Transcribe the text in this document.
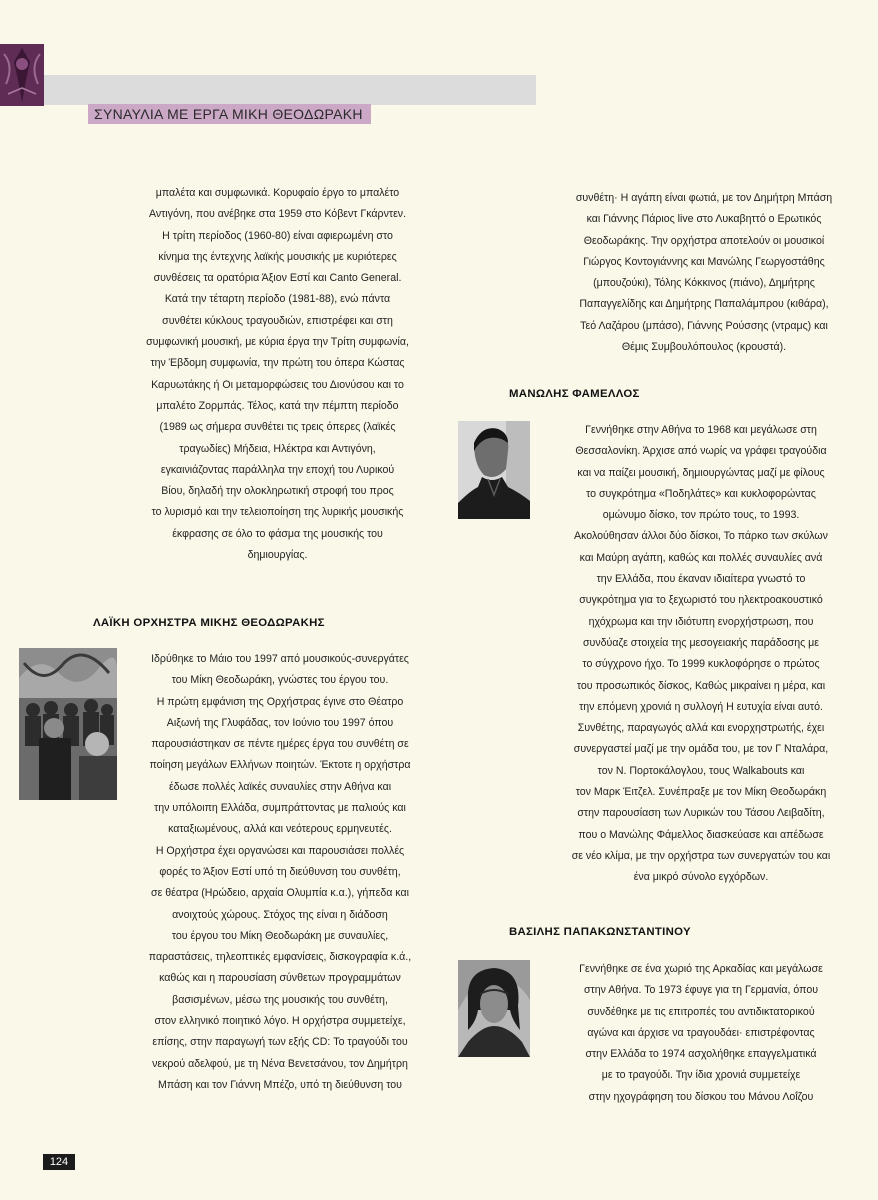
ΣΥΝΑΥΛΙΑ ΜΕ ΕΡΓΑ ΜΙΚΗ ΘΕΟΔΩΡΑΚΗ
μπαλέτα και συμφωνικά. Κορυφαίο έργο το μπαλέτο
Αντιγόνη, που ανέβηκε στα 1959 στο Κόβεντ Γκάρντεν.
Η τρίτη περίοδος (1960-80) είναι αφιερωμένη στο
κίνημα της έντεχνης λαϊκής μουσικής με κυριότερες
συνθέσεις τα ορατόρια Άξιον Εστί και Canto General.
Κατά την τέταρτη περίοδο (1981-88), ενώ πάντα
συνθέτει κύκλους τραγουδιών, επιστρέφει και στη
συμφωνική μουσική, με κύρια έργα την Τρίτη συμφωνία,
την Έβδομη συμφωνία, την πρώτη του όπερα Κώστας
Καρυωτάκης ή Οι μεταμορφώσεις του Διονύσου και το
μπαλέτο Ζορμπάς. Τέλος, κατά την πέμπτη περίοδο
(1989 ως σήμερα συνθέτει τις τρεις όπερες (λαϊκές
τραγωδίες) Μήδεια, Ηλέκτρα και Αντιγόνη,
εγκαινιάζοντας παράλληλα την εποχή του Λυρικού
Βίου, δηλαδή την ολοκληρωτική στροφή του προς
το λυρισμό και την τελειοποίηση της λυρικής μουσικής
έκφρασης σε όλο το φάσμα της μουσικής του
δημιουργίας.
ΛΑΪΚΗ ΟΡΧΗΣΤΡΑ ΜΙΚΗΣ ΘΕΟΔΩΡΑΚΗΣ
Ιδρύθηκε το Μάιο του 1997 από μουσικούς-συνεργάτες
του Μίκη Θεοδωράκη, γνώστες του έργου του.
Η πρώτη εμφάνιση της Ορχήστρας έγινε στο Θέατρο
Αιξωνή της Γλυφάδας, τον Ιούνιο του 1997 όπου
παρουσιάστηκαν σε πέντε ημέρες έργα του συνθέτη σε
ποίηση μεγάλων Ελλήνων ποιητών. Έκτοτε η ορχήστρα
έδωσε πολλές λαϊκές συναυλίες στην Αθήνα και
την υπόλοιπη Ελλάδα, συμπράττοντας με παλιούς και
καταξιωμένους, αλλά και νεότερους ερμηνευτές.
Η Ορχήστρα έχει οργανώσει και παρουσιάσει πολλές
φορές το Άξιον Εστί υπό τη διεύθυνση του συνθέτη,
σε θέατρα (Ηρώδειο, αρχαία Ολυμπία κ.α.), γήπεδα και
ανοιχτούς χώρους. Στόχος της είναι η διάδοση
του έργου του Μίκη Θεοδωράκη με συναυλίες,
παραστάσεις, τηλεοπτικές εμφανίσεις, δισκογραφία κ.ά.,
καθώς και η παρουσίαση σύνθετων προγραμμάτων
βασισμένων, μέσω της μουσικής του συνθέτη,
στον ελληνικό ποιητικό λόγο. Η ορχήστρα συμμετείχε,
επίσης, στην παραγωγή των εξής CD: Το τραγούδι του
νεκρού αδελφού, με τη Νένα Βενετσάνου, τον Δημήτρη
Μπάση και τον Γιάννη Μπέζο, υπό τη διεύθυνση του
συνθέτη· Η αγάπη είναι φωτιά, με τον Δημήτρη Μπάση
και Γιάννης Πάριος live στο Λυκαβηττό ο Ερωτικός
Θεοδωράκης. Την ορχήστρα αποτελούν οι μουσικοί
Γιώργος Κοντογιάννης και Μανώλης Γεωργοστάθης
(μπουζούκι), Τόλης Κόκκινος (πιάνο), Δημήτρης
Παπαγγελίδης και Δημήτρης Παπαλάμπρου (κιθάρα),
Τεό Λαζάρου (μπάσο), Γιάννης Ρούσσης (ντραμς) και
Θέμις Συμβουλόπουλος (κρουστά).
ΜΑΝΩΛΗΣ ΦΑΜΕΛΛΟΣ
Γεννήθηκε στην Αθήνα το 1968 και μεγάλωσε στη
Θεσσαλονίκη. Άρχισε από νωρίς να γράφει τραγούδια
και να παίζει μουσική, δημιουργώντας μαζί με φίλους
το συγκρότημα «Ποδηλάτες» και κυκλοφορώντας
ομώνυμο δίσκο, τον πρώτο τους, το 1993.
Ακολούθησαν άλλοι δύο δίσκοι, Το πάρκο των σκύλων
και Μαύρη αγάπη, καθώς και πολλές συναυλίες ανά
την Ελλάδα, που έκαναν ιδιαίτερα γνωστό το
συγκρότημα για το ξεχωριστό του ηλεκτροακουστικό
ηχόχρωμα και την ιδιότυπη ενορχήστρωση, που
συνδύαζε στοιχεία της μεσογειακής παράδοσης με
το σύγχρονο ήχο. Το 1999 κυκλοφόρησε ο πρώτος
του προσωπικός δίσκος, Καθώς μικραίνει η μέρα, και
την επόμενη χρονιά η συλλογή Η ευτυχία είναι αυτό.
Συνθέτης, παραγωγός αλλά και ενορχηστρωτής, έχει
συνεργαστεί μαζί με την ομάδα του, με τον Γ Νταλάρα,
τον Ν. Πορτοκάλογλου, τους Walkabouts και
τον Μαρκ Έιτζελ. Συνέπραξε με τον Μίκη Θεοδωράκη
στην παρουσίαση των Λυρικών του Τάσου Λειβαδίτη,
που ο Μανώλης Φάμελλος διασκεύασε και απέδωσε
σε νέο κλίμα, με την ορχήστρα των συνεργατών του και
ένα μικρό σύνολο εγχόρδων.
ΒΑΣΙΛΗΣ ΠΑΠΑΚΩΝΣΤΑΝΤΙΝΟΥ
Γεννήθηκε σε ένα χωριό της Αρκαδίας και μεγάλωσε
στην Αθήνα. Το 1973 έφυγε για τη Γερμανία, όπου
συνδέθηκε με τις επιτροπές του αντιδικτατορικού
αγώνα και άρχισε να τραγουδάει· επιστρέφοντας
στην Ελλάδα το 1974 ασχολήθηκε επαγγελματικά
με το τραγούδι. Την ίδια χρονιά συμμετείχε
στην ηχογράφηση του δίσκου του Μάνου Λοΐζου
124
